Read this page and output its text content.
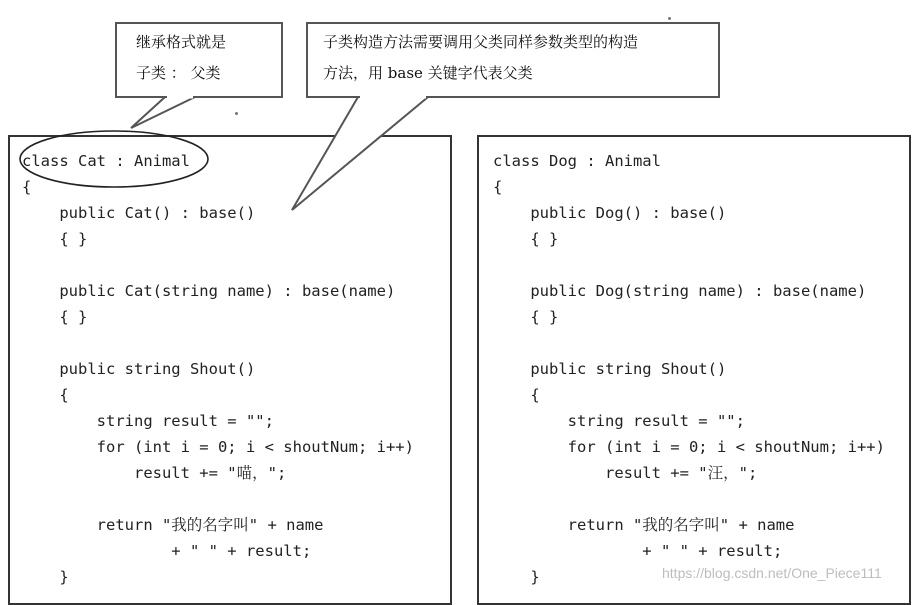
继承格式就是
子类 ： 父类
子类构造方法需要调用父类同样参数类型的构造
方法，用 base 关键字代表父类
class Cat : Animal
{
public Cat() : base()
{ }
public Cat(string name) : base(name)
{ }
public string Shout()
{
string result = "";
for (int i = 0; i < shoutNum; i++)
result += "喵，";
return "我的名字叫" + name
+ " " + result;
}
class Dog : Animal
{
public Dog() : base()
{ }
public Dog(string name) : base(name)
{ }
public string Shout()
{
string result = "";
for (int i = 0; i < shoutNum; i++)
result += "汪，";
return "我的名字叫" + name
+ " " + result;
}	https://blog.csdn.net/One_Piece111
